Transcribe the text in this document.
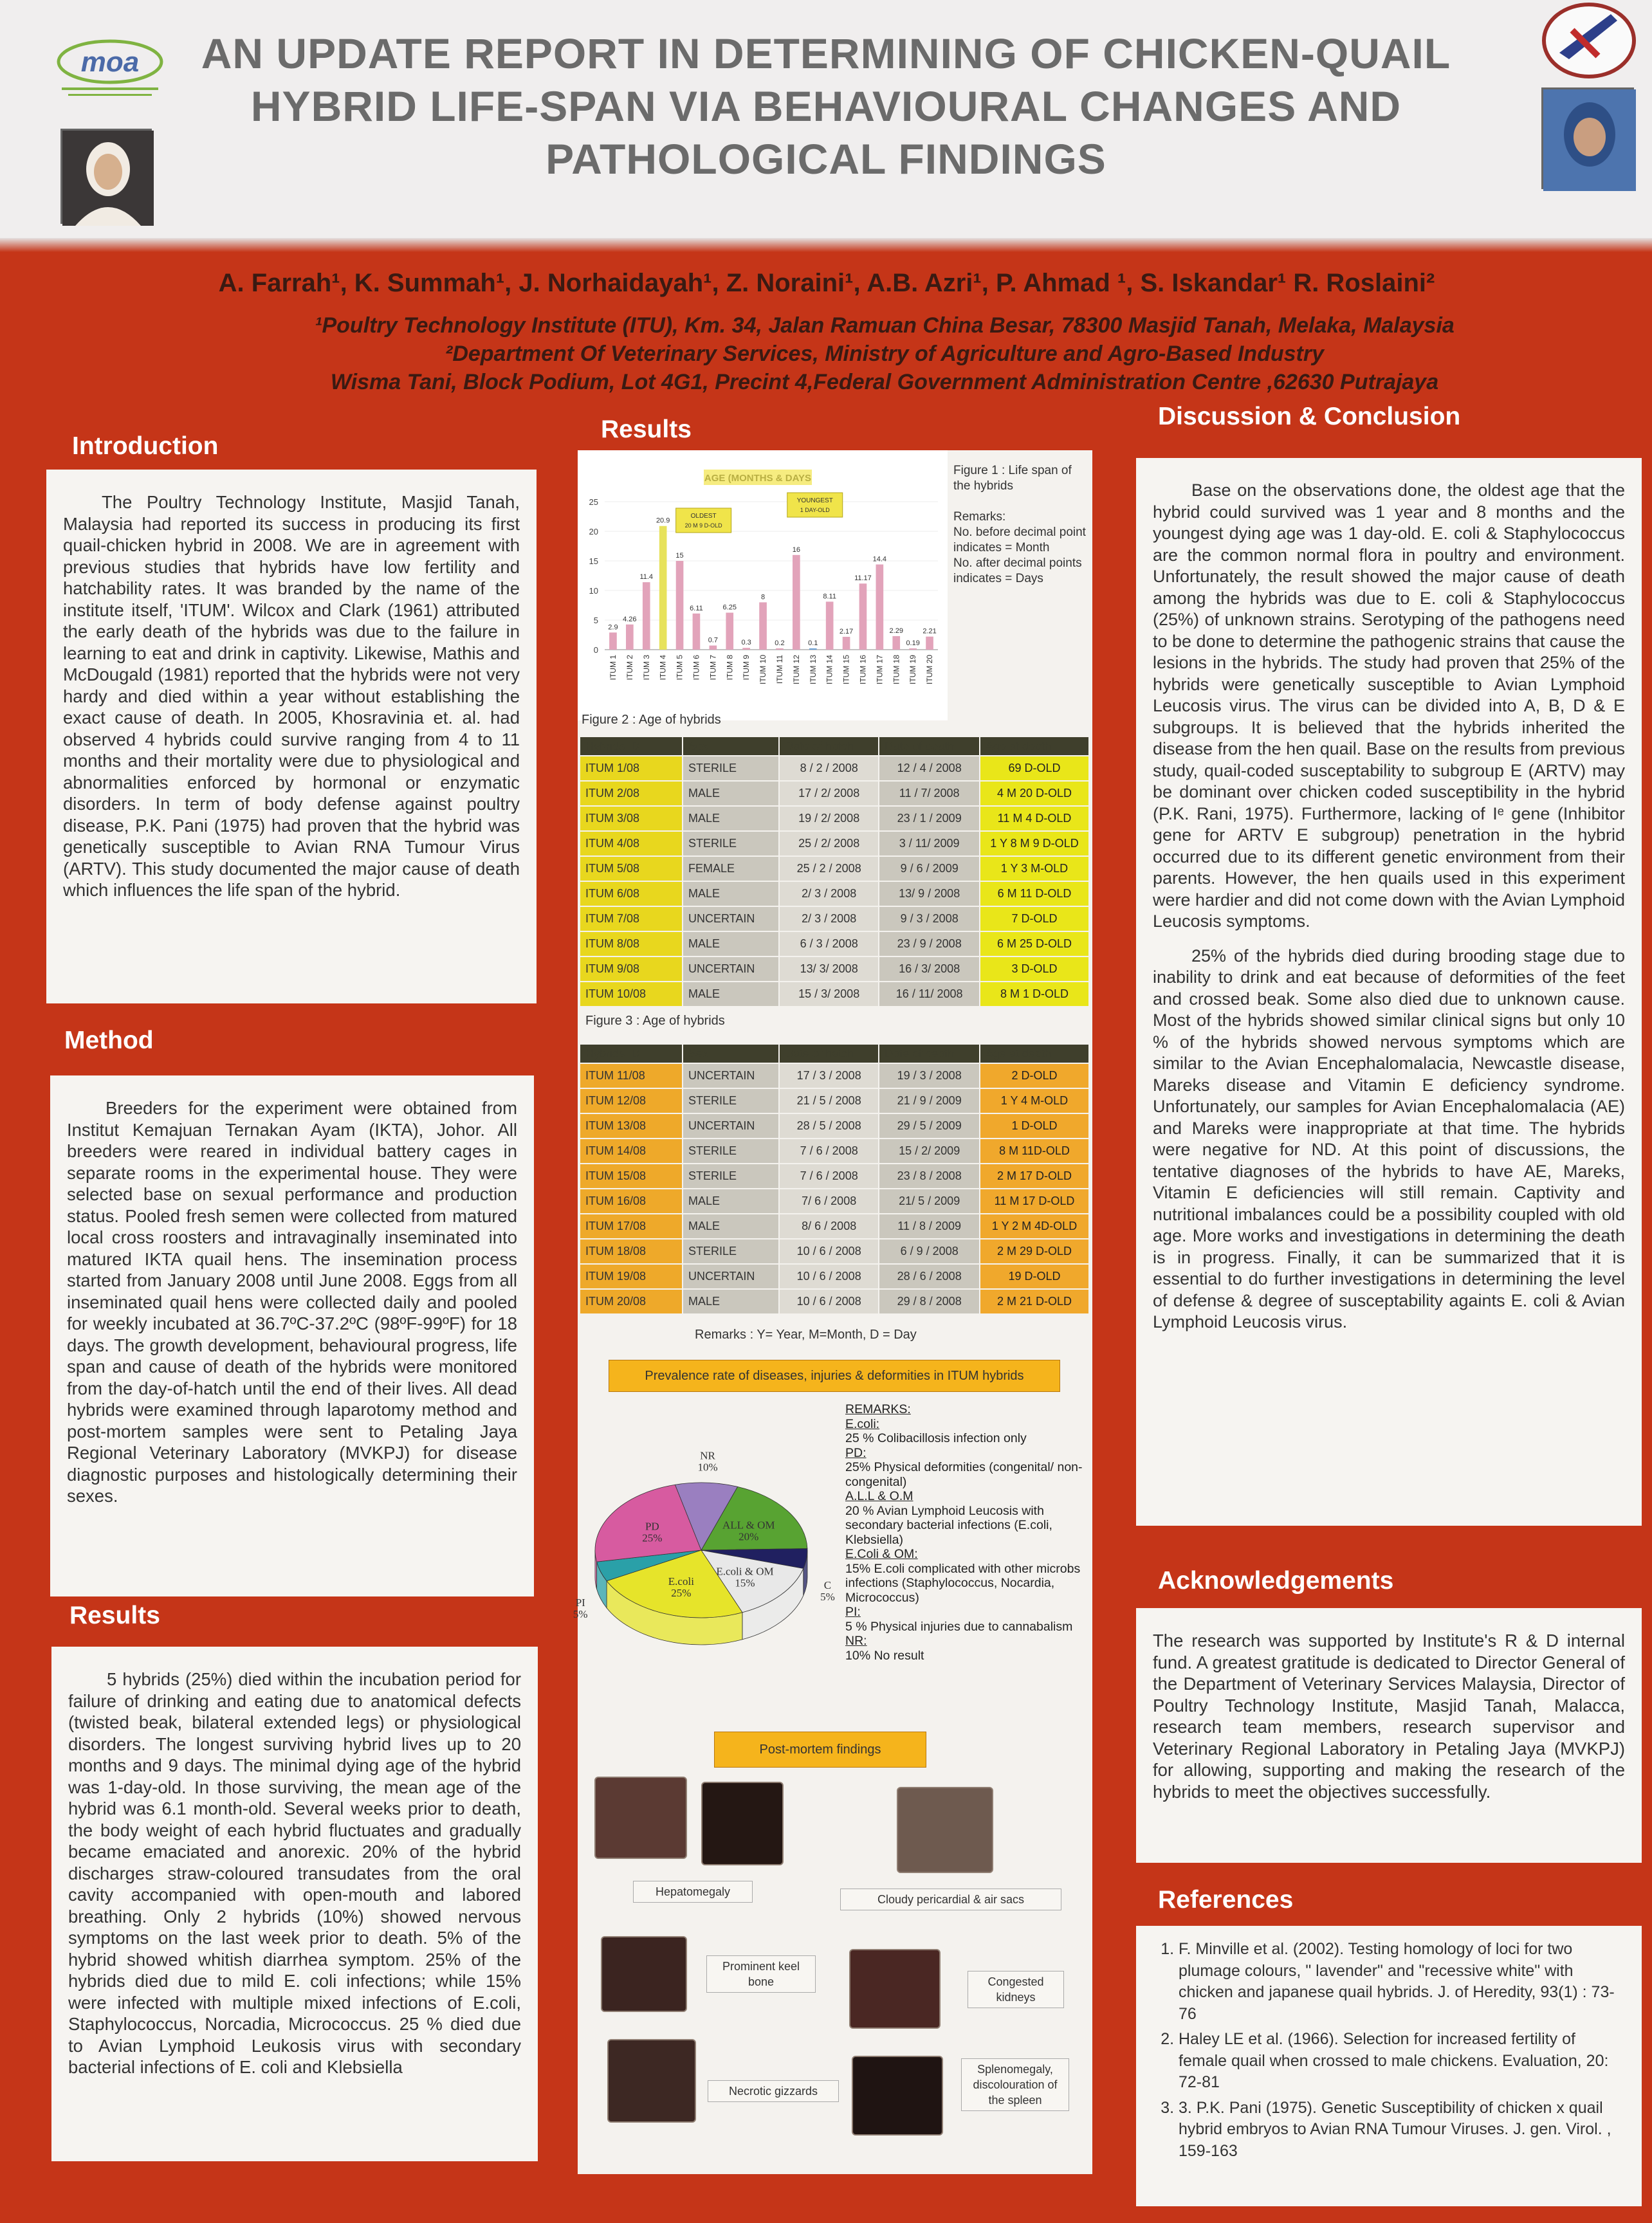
moa	AN UPDATE REPORT IN DETERMINING OF CHICKEN-QUAIL HYBRID LIFE-SPAN VIA BEHAVIOURAL CHANGES AND PATHOLOGICAL FINDINGS
A. Farrah¹, K. Summah¹, J. Norhaidayah¹, Z. Noraini¹, A.B. Azri¹, P. Ahmad ¹, S. Iskandar¹ R. Roslaini²
¹Poultry Technology Institute (ITU), Km. 34, Jalan Ramuan China Besar, 78300 Masjid Tanah, Melaka, Malaysia
²Department Of Veterinary Services, Ministry of Agriculture and Agro-Based Industry
Wisma Tani, Block Podium, Lot 4G1, Precint 4,Federal Government Administration Centre ,62630 Putrajaya
Introduction

The Poultry Technology Institute, Masjid Tanah, Malaysia had reported its success in producing its first quail-chicken hybrid in 2008. We are in agreement with previous studies that hybrids have low fertility and hatchability rates. It was branded by the name of the institute itself, 'ITUM'. Wilcox and Clark (1961) attributed the early death of the hybrids was due to the failure in learning to eat and drink in captivity. Likewise, Mathis and McDougald (1981) reported that the hybrids were not very hardy and died within a year without establishing the exact cause of death. In 2005, Khosravinia et. al. had observed 4 hybrids could survive ranging from 4 to 11 months and their mortality were due to physiological and abnormalities enforced by hormonal or enzymatic disorders. In term of body defense against poultry disease, P.K. Pani (1975) had proven that the hybrid was genetically susceptible to Avian RNA Tumour Virus (ARTV). This study documented the major cause of death which influences the life span of the hybrid.

Method

Breeders for the experiment were obtained from Institut Kemajuan Ternakan Ayam (IKTA), Johor. All breeders were reared in individual battery cages in separate rooms in the experimental house. They were selected base on sexual performance and production status. Pooled fresh semen were collected from matured local cross roosters and intravaginally inseminated into matured IKTA quail hens. The insemination process started from January 2008 until June 2008. Eggs from all inseminated quail hens were collected daily and pooled for weekly incubated at 36.7ºC-37.2ºC (98ºF-99ºF) for 18 days. The growth development, behavioural progress, life span and cause of death of the hybrids were monitored from the day-of-hatch until the end of their lives. All dead hybrids were examined through laparotomy method and post-mortem samples were sent to Petaling Jaya Regional Veterinary Laboratory (MVKPJ) for disease diagnostic purposes and histologically determining their sexes.

Results

5 hybrids (25%) died within the incubation period for failure of drinking and eating due to anatomical defects (twisted beak, bilateral extended legs) or physiological disorders. The longest surviving hybrid lives up to 20 months and 9 days. The minimal dying age of the hybrid was 1-day-old. In those surviving, the mean age of the hybrid was 6.1 month-old. Several weeks prior to death, the body weight of each hybrid fluctuates and gradually became emaciated and anorexic. 20% of the hybrid discharges straw-coloured transudates from the oral cavity accompanied with open-mouth and labored breathing. Only 2 hybrids (10%) showed nervous symptoms on the last week prior to death. 5% of the hybrid showed whitish diarrhea symptom. 25% of the hybrids died due to mild E. coli infections; while 15% were infected with multiple mixed infections of E.coli, Staphylococcus, Norcadia, Micrococcus. 25 % died due to Avian Lymphoid Leukosis virus with secondary bacterial infections of E. coli and Klebsiella

Results
0
5
10
15
20
25
2.9
ITUM 1
4.26
ITUM 2
11.4
ITUM 3
20.9
ITUM 4
15
ITUM 5
6.11
ITUM 6
0.7
ITUM 7
6.25
ITUM 8
0.3
ITUM 9
8
ITUM 10
0.2
ITUM 11
16
ITUM 12
0.1
ITUM 13
8.11
ITUM 14
2.17
ITUM 15
11.17
ITUM 16
14.4
ITUM 17
2.29
ITUM 18
0.19
ITUM 19
2.21
ITUM 20
OLDEST
20 M 9 D-OLD
YOUNGEST
1 DAY-OLD
Figure 1 : Life span of the hybrids
Remarks:
No. before decimal point indicates = Month
No. after decimal points indicates = Days
Figure 2 : Age of hybrids
Hybrids ID	Sex	Date of hatch	Date of death	Age at death
ITUM 1/08	STERILE	8 / 2 / 2008	12 / 4 / 2008	69 D-OLD
ITUM 2/08	MALE	17 / 2/ 2008	11 / 7/ 2008	4 M 20 D-OLD
ITUM 3/08	MALE	19 / 2/ 2008	23 / 1 / 2009	11 M 4 D-OLD
ITUM 4/08	STERILE	25 / 2/ 2008	3 / 11/ 2009	1 Y 8 M 9 D-OLD
ITUM 5/08	FEMALE	25 / 2 / 2008	9 / 6 / 2009	1 Y 3 M-OLD
ITUM 6/08	MALE	2/ 3 / 2008	13/ 9 / 2008	6 M 11 D-OLD
ITUM 7/08	UNCERTAIN	2/ 3 / 2008	9 / 3 / 2008	7 D-OLD
ITUM 8/08	MALE	6 / 3 / 2008	23 / 9 / 2008	6 M 25 D-OLD
ITUM 9/08	UNCERTAIN	13/ 3/ 2008	16 / 3/ 2008	3 D-OLD
ITUM 10/08	MALE	15 / 3/ 2008	16 / 11/ 2008	8 M 1 D-OLD
Figure 3 : Age of hybrids
Hybrids ID	Sex	Date of hatch	Date of death	Age at death
ITUM 11/08	UNCERTAIN	17 / 3 / 2008	19 / 3 / 2008	2 D-OLD
ITUM 12/08	STERILE	21 / 5 / 2008	21 / 9 / 2009	1 Y 4 M-OLD
ITUM 13/08	UNCERTAIN	28 / 5 / 2008	29 / 5 / 2009	1 D-OLD
ITUM 14/08	STERILE	7 / 6 / 2008	15 / 2/ 2009	8 M 11D-OLD
ITUM 15/08	STERILE	7 / 6 / 2008	23 / 8 / 2008	2 M 17 D-OLD
ITUM 16/08	MALE	7/ 6 / 2008	21/ 5 / 2009	11 M 17 D-OLD
ITUM 17/08	MALE	8/ 6 / 2008	11 / 8 / 2009	1 Y 2 M 4D-OLD
ITUM 18/08	STERILE	10 / 6 / 2008	6 / 9 / 2008	2 M 29 D-OLD
ITUM 19/08	UNCERTAIN	10 / 6 / 2008	28 / 6 / 2008	19 D-OLD
ITUM 20/08	MALE	10 / 6 / 2008	29 / 8 / 2008	2 M 21 D-OLD
Remarks : Y= Year, M=Month, D = Day
Prevalence rate of diseases, injuries & deformities in ITUM hybrids
ALL & OM
20%
C
5%
E.coli & OM
15%
E.coli
25%
PI
5%
PD
25%
NR
10%
REMARKS:
E.coli:
25 % Colibacillosis infection only
PD:
25% Physical deformities (congenital/ non-congenital)
A.L.L & O.M
20 % Avian Lymphoid Leucosis with secondary bacterial infections (E.coli, Klebsiella)
E.Coli & OM:
15% E.coli complicated with other microbs infections (Staphylococcus, Nocardia, Micrococcus)
PI:
5 % Physical injuries due to cannabalism
NR:
10% No result
Post-mortem findings
Hepatomegaly
Cloudy pericardial & air sacs
Prominent keel bone	Congested kidneys
Necrotic gizzards
Splenomegaly, discolouration of the spleen
Discussion & Conclusion

Base on the observations done, the oldest age that the hybrid could survived was 1 year and 8 months and the youngest dying age was 1 day-old. E. coli & Staphylococcus are the common normal flora in poultry and environment. Unfortunately, the result showed the major cause of death among the hybrids was due to E. coli & Staphylococcus (25%) of unknown strains. Serotyping of the pathogens need to be done to determine the pathogenic strains that cause the lesions in the hybrids. The study had proven that 25% of the hybrids were genetically susceptible to Avian Lymphoid Leucosis virus. The virus can be divided into A, B, D & E subgroups. It is believed that the hybrids inherited the disease from the hen quail. Base on the results from previous study, quail-coded susceptability to subgroup E (ARTV) may be dominant over chicken coded susceptibility in the hybrid (P.K. Rani, 1975). Furthermore, lacking of Iᵉ gene (Inhibitor gene for ARTV E subgroup) penetration in the hybrid occurred due to its different genetic environment from their parents. However, the hen quails used in this experiment were hardier and did not come down with the Avian Lymphoid Leucosis symptoms.

25% of the hybrids died during brooding stage due to inability to drink and eat because of deformities of the feet and crossed beak. Some also died due to unknown cause. Most of the hybrids showed similar clinical signs but only 10 % of the hybrids showed nervous symptoms which are similar to the Avian Encephalomalacia, Newcastle disease, Mareks disease and Vitamin E deficiency syndrome. Unfortunately, our samples for Avian Encephalomalacia (AE) and Mareks were inappropriate at that time. The hybrids were negative for ND. At this point of discussions, the tentative diagnoses of the hybrids to have AE, Mareks, Vitamin E deficiencies will still remain. Captivity and nutritional imbalances could be a possibility coupled with old age. More works and investigations in determining the death is in progress. Finally, it can be summarized that it is essential to do further investigations in determining the level of defense & degree of susceptability againts E. coli & Avian Lymphoid Leucosis virus.

Acknowledgements

The research was supported by Institute's R & D internal fund. A greatest gratitude is dedicated to Director General of the Department of Veterinary Services Malaysia, Director of Poultry Technology Institute, Masjid Tanah, Malacca, research team members, research supervisor and Veterinary Regional Laboratory in Petaling Jaya (MVKPJ) for allowing, supporting and making the research of the hybrids to meet the objectives successfully.

References
1. F. Minville et al. (2002). Testing homology of loci for two plumage colours, " lavender" and "recessive white" with chicken and japanese quail hybrids. J. of Heredity, 93(1) : 73-76
2. Haley LE et al. (1966). Selection for increased fertility of female quail when crossed to male chickens. Evaluation, 20: 72-81
3. 3. P.K. Pani (1975). Genetic Susceptibility of chicken x quail hybrid embryos to Avian RNA Tumour Viruses. J. gen. Virol. , 159-163
